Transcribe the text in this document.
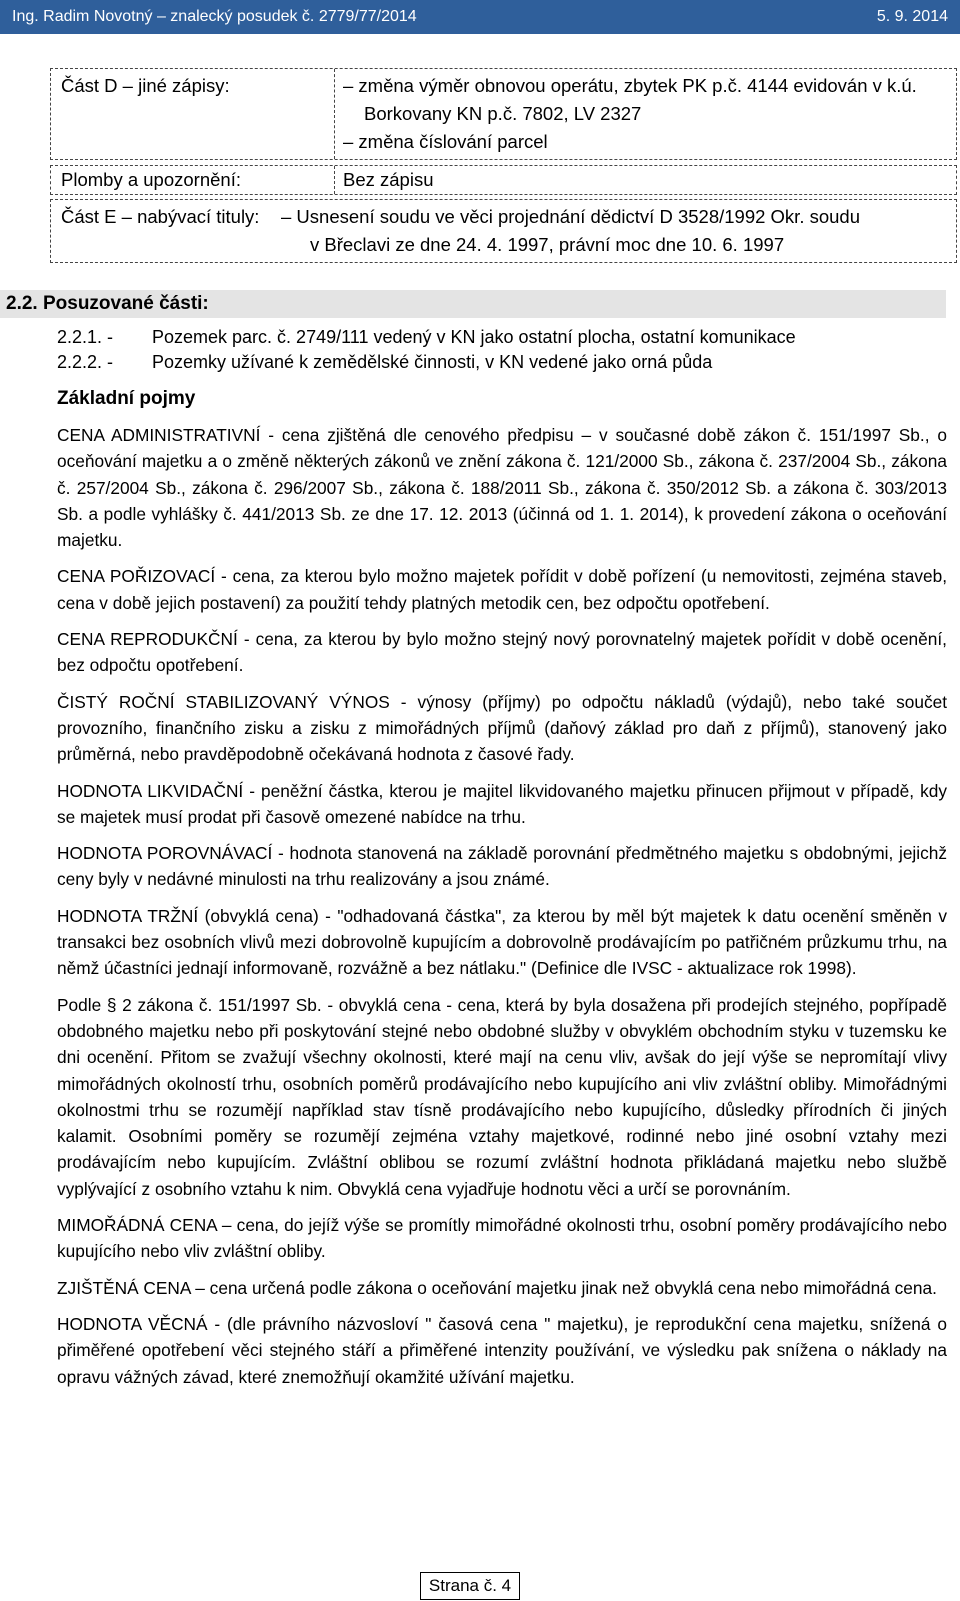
Ing. Radim Novotný – znalecký posudek č. 2779/77/2014	5. 9. 2014
Část D – jiné zápisy:	– změna výměr obnovou operátu, zbytek PK p.č. 4144 evidován v k.ú.
Borkovany KN p.č. 7802, LV 2327
– změna číslování parcel
Plomby a upozornění:	Bez zápisu
Část E – nabývací tituly: – Usnesení soudu ve věci projednání dědictví D 3528/1992 Okr. soudu
v Břeclavi ze dne 24. 4. 1997, právní moc dne 10. 6. 1997
2.2. Posuzované části:
2.2.1. - Pozemek parc. č. 2749/111 vedený v KN jako ostatní plocha, ostatní komunikace
2.2.2. - Pozemky užívané k zemědělské činnosti, v KN vedené jako orná půda
Základní pojmy

CENA ADMINISTRATIVNÍ - cena zjištěná dle cenového předpisu – v současné době zákon č. 151/1997 Sb., o oceňování majetku a o změně některých zákonů ve znění zákona č. 121/2000 Sb., zákona č. 237/2004 Sb., zákona č. 257/2004 Sb., zákona č. 296/2007 Sb., zákona č. 188/2011 Sb., zákona č. 350/2012 Sb. a zákona č. 303/2013 Sb. a podle vyhlášky č. 441/2013 Sb. ze dne 17. 12. 2013 (účinná od 1. 1. 2014), k provedení zákona o oceňování majetku.

CENA POŘIZOVACÍ - cena, za kterou bylo možno majetek pořídit v době pořízení (u nemovitosti, zejména staveb, cena v době jejich postavení) za použití tehdy platných metodik cen, bez odpočtu opotřebení.

CENA REPRODUKČNÍ - cena, za kterou by bylo možno stejný nový porovnatelný majetek pořídit v době ocenění, bez odpočtu opotřebení.

ČISTÝ ROČNÍ STABILIZOVANÝ VÝNOS - výnosy (příjmy) po odpočtu nákladů (výdajů), nebo také součet provozního, finančního zisku a zisku z mimořádných příjmů (daňový základ pro daň z příjmů), stanovený jako průměrná, nebo pravděpodobně očekávaná hodnota z časové řady.

HODNOTA LIKVIDAČNÍ - peněžní částka, kterou je majitel likvidovaného majetku přinucen přijmout v případě, kdy se majetek musí prodat při časově omezené nabídce na trhu.

HODNOTA POROVNÁVACÍ - hodnota stanovená na základě porovnání předmětného majetku s obdobnými, jejichž ceny byly v nedávné minulosti na trhu realizovány a jsou známé.

HODNOTA TRŽNÍ (obvyklá cena) - "odhadovaná částka", za kterou by měl být majetek k datu ocenění směněn v transakci bez osobních vlivů mezi dobrovolně kupujícím a dobrovolně prodávajícím po patřičném průzkumu trhu, na němž účastníci jednají informovaně, rozvážně a bez nátlaku." (Definice dle IVSC - aktualizace rok 1998).

Podle § 2 zákona č. 151/1997 Sb. - obvyklá cena - cena, která by byla dosažena při prodejích stejného, popřípadě obdobného majetku nebo při poskytování stejné nebo obdobné služby v obvyklém obchodním styku v tuzemsku ke dni ocenění. Přitom se zvažují všechny okolnosti, které mají na cenu vliv, avšak do její výše se nepromítají vlivy mimořádných okolností trhu, osobních poměrů prodávajícího nebo kupujícího ani vliv zvláštní obliby. Mimořádnými okolnostmi trhu se rozumějí například stav tísně prodávajícího nebo kupujícího, důsledky přírodních či jiných kalamit. Osobními poměry se rozumějí zejména vztahy majetkové, rodinné nebo jiné osobní vztahy mezi prodávajícím nebo kupujícím. Zvláštní oblibou se rozumí zvláštní hodnota přikládaná majetku nebo službě vyplývající z osobního vztahu k nim. Obvyklá cena vyjadřuje hodnotu věci a určí se porovnáním.

MIMOŘÁDNÁ CENA – cena, do jejíž výše se promítly mimořádné okolnosti trhu, osobní poměry prodávajícího nebo kupujícího nebo vliv zvláštní obliby.

ZJIŠTĚNÁ CENA – cena určená podle zákona o oceňování majetku jinak než obvyklá cena nebo mimořádná cena.

HODNOTA VĚCNÁ - (dle právního názvosloví " časová cena " majetku), je reprodukční cena majetku, snížená o přiměřené opotřebení věci stejného stáří a přiměřené intenzity používání, ve výsledku pak snížena o náklady na opravu vážných závad, které znemožňují okamžité užívání majetku.

Strana č. 4
